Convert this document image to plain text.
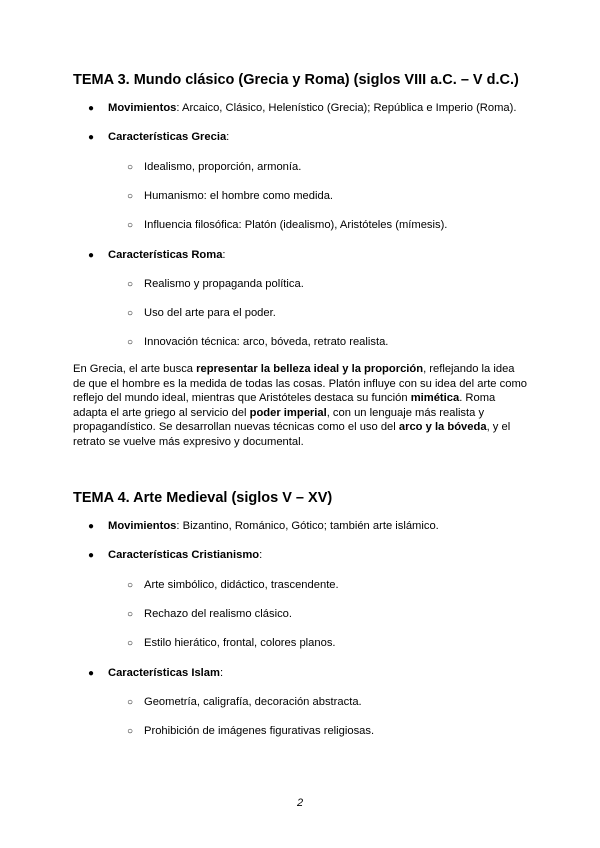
TEMA 3. Mundo clásico (Grecia y Roma) (siglos VIII a.C. – V d.C.)
● Movimientos: Arcaico, Clásico, Helenístico (Grecia); República e Imperio (Roma).
● Características Grecia:
○ Idealismo, proporción, armonía.
○ Humanismo: el hombre como medida.
○ Influencia filosófica: Platón (idealismo), Aristóteles (mímesis).
● Características Roma:
○ Realismo y propaganda política.
○ Uso del arte para el poder.
○ Innovación técnica: arco, bóveda, retrato realista.
En Grecia, el arte busca representar la belleza ideal y la proporción, reflejando la idea de que el hombre es la medida de todas las cosas. Platón influye con su idea del arte como reflejo del mundo ideal, mientras que Aristóteles destaca su función mimética. Roma adapta el arte griego al servicio del poder imperial, con un lenguaje más realista y propagandístico. Se desarrollan nuevas técnicas como el uso del arco y la bóveda, y el retrato se vuelve más expresivo y documental.
TEMA 4. Arte Medieval (siglos V – XV)
● Movimientos: Bizantino, Románico, Gótico; también arte islámico.
● Características Cristianismo:
○ Arte simbólico, didáctico, trascendente.
○ Rechazo del realismo clásico.
○ Estilo hierático, frontal, colores planos.
● Características Islam:
○ Geometría, caligrafía, decoración abstracta.
○ Prohibición de imágenes figurativas religiosas.
2
